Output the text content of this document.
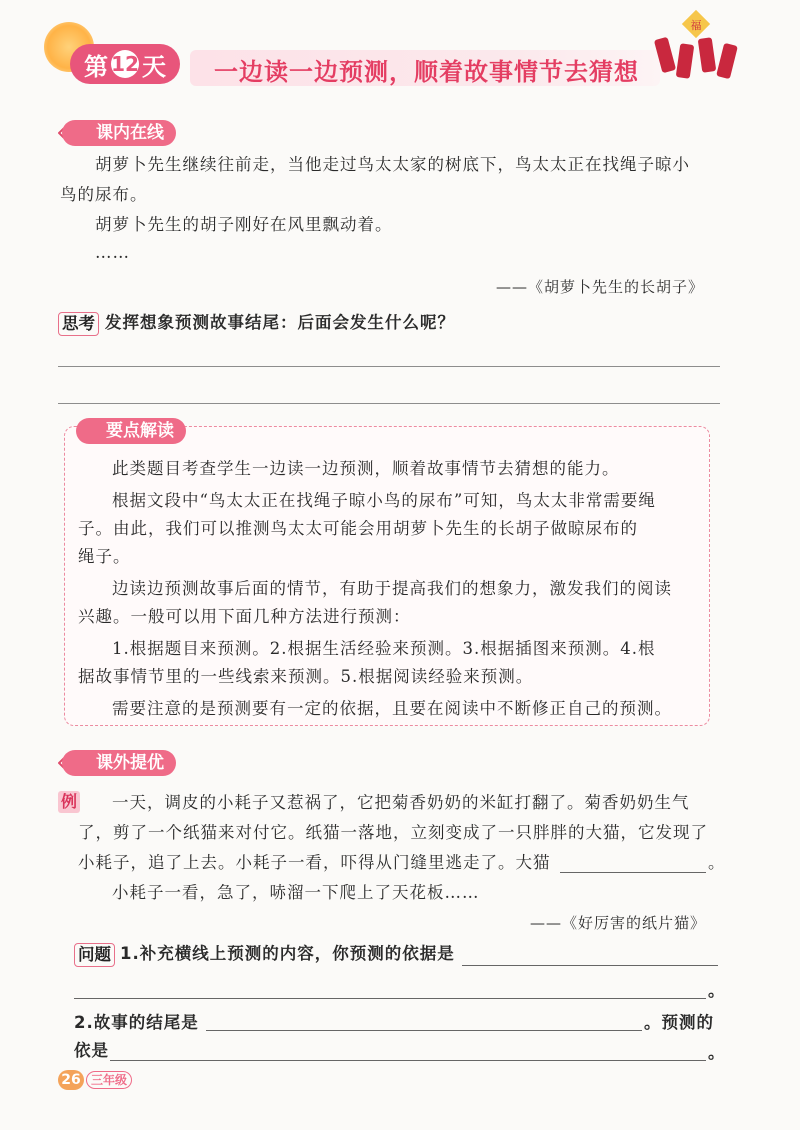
第 12 天 一边读一边预测，顺着故事情节去猜想
福
课内在线
胡萝卜先生继续往前走，当他走过鸟太太家的树底下，鸟太太正在找绳子晾小
鸟的尿布。
胡萝卜先生的胡子刚好在风里飘动着。
……
——《胡萝卜先生的长胡子》
思考 发挥想象预测故事结尾：后面会发生什么呢？
要点解读
此类题目考查学生一边读一边预测，顺着故事情节去猜想的能力。
根据文段中“鸟太太正在找绳子晾小鸟的尿布”可知，鸟太太非常需要绳
子。由此，我们可以推测鸟太太可能会用胡萝卜先生的长胡子做晾尿布的
绳子。
边读边预测故事后面的情节，有助于提高我们的想象力，激发我们的阅读
兴趣。一般可以用下面几种方法进行预测：
1.根据题目来预测。2.根据生活经验来预测。3.根据插图来预测。4.根
据故事情节里的一些线索来预测。5.根据阅读经验来预测。
需要注意的是预测要有一定的依据，且要在阅读中不断修正自己的预测。
课外提优
例 一天，调皮的小耗子又惹祸了，它把菊香奶奶的米缸打翻了。菊香奶奶生气
了，剪了一个纸猫来对付它。纸猫一落地，立刻变成了一只胖胖的大猫，它发现了
小耗子，追了上去。小耗子一看，吓得从门缝里逃走了。大猫	。
小耗子一看，急了，哧溜一下爬上了天花板……
——《好厉害的纸片猫》
问题 1.补充横线上预测的内容，你预测的依据是
。
2.故事的结尾是	。预测的
依是	。
26 三年级
